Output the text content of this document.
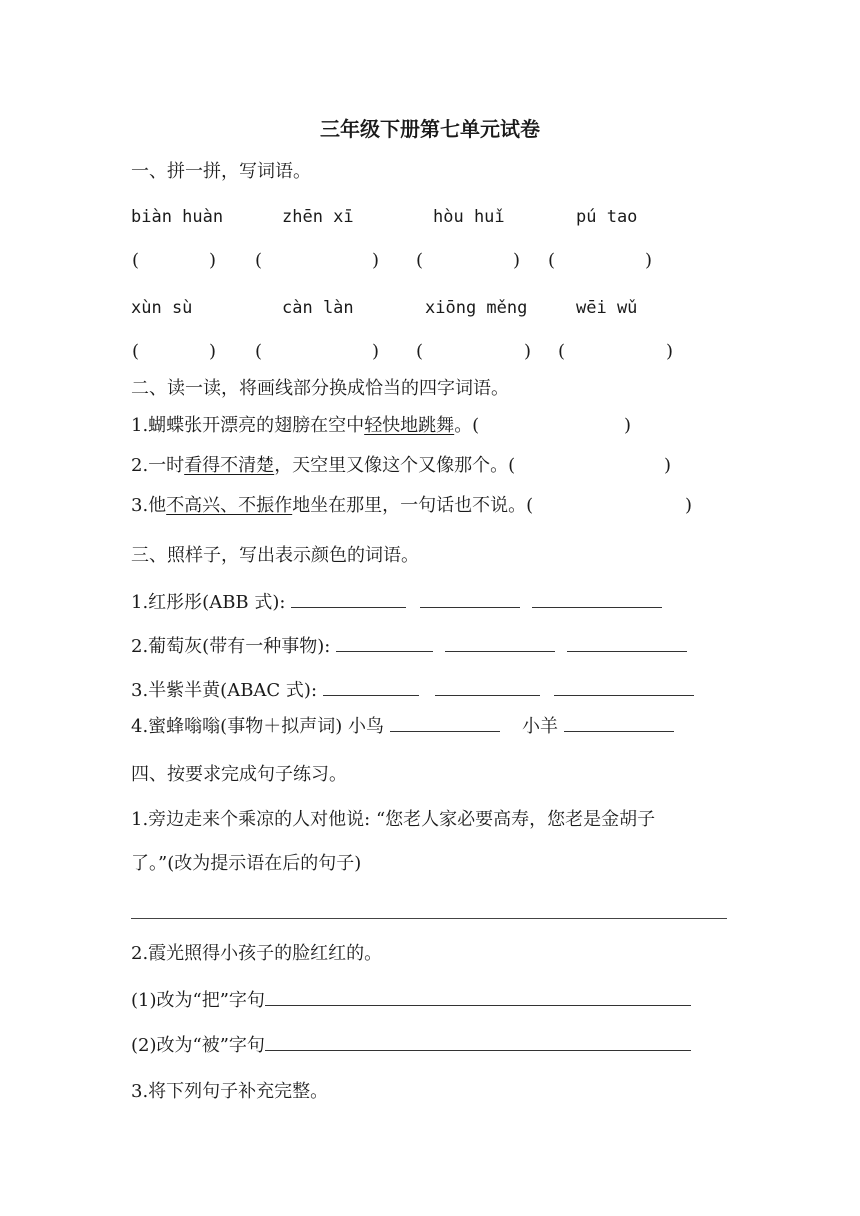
三年级下册第七单元试卷
一、拼一拼，写词语。
biàn huàn	zhēn xī	hòu huǐ	pú tao
(	) (	) (	) (	)
xùn sù	càn làn	xiōng měng	wēi wǔ
(	) (	) (	) (	)
二、读一读，将画线部分换成恰当的四字词语。
1.蝴蝶张开漂亮的翅膀在空中轻快地跳舞。(	)
2.一时看得不清楚，天空里又像这个又像那个。(	)
3.他不高兴、不振作地坐在那里，一句话也不说。(	)
三、照样子，写出表示颜色的词语。
1.红彤彤(ABB 式):
2.葡萄灰(带有一种事物):
3.半紫半黄(ABAC 式):
4.蜜蜂嗡嗡(事物＋拟声词) 小鸟	小羊
四、按要求完成句子练习。
1.旁边走来个乘凉的人对他说: “您老人家必要高寿，您老是金胡子
了。”(改为提示语在后的句子)
2.霞光照得小孩子的脸红红的。
(1)改为“把”字句
(2)改为“被”字句
3.将下列句子补充完整。
